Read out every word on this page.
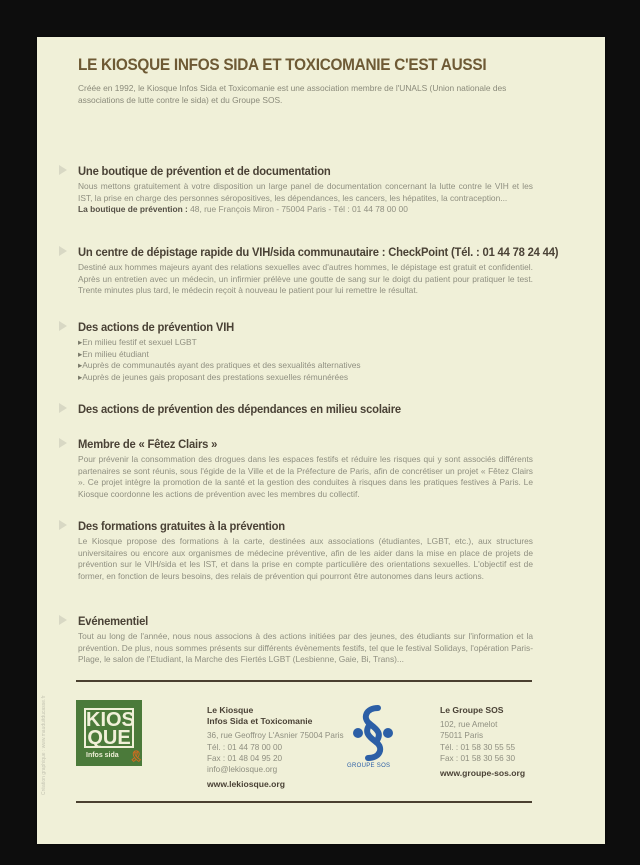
LE KIOSQUE INFOS SIDA ET TOXICOMANIE C'EST AUSSI
Créée en 1992, le Kiosque Infos Sida et Toxicomanie est une association membre de l'UNALS (Union nationale des associations de lutte contre le sida) et du Groupe SOS.
Une boutique de prévention et de documentation

Nous mettons gratuitement à votre disposition un large panel de documentation concernant la lutte contre le VIH et les IST, la prise en charge des personnes séropositives, les dépendances, les cancers, les hépatites, la contraception...
La boutique de prévention : 48, rue François Miron - 75004 Paris - Tél : 01 44 78 00 00

Un centre de dépistage rapide du VIH/sida communautaire : CheckPoint (Tél. : 01 44 78 24 44)

Destiné aux hommes majeurs ayant des relations sexuelles avec d'autres hommes, le dépistage est gratuit et confidentiel. Après un entretien avec un médecin, un infirmier prélève une goutte de sang sur le doigt du patient pour pratiquer le test. Trente minutes plus tard, le médecin reçoit à nouveau le patient pour lui remettre le résultat.

Des actions de prévention VIH
▸ En milieu festif et sexuel LGBT
▸ En milieu étudiant
▸ Auprès de communautés ayant des pratiques et des sexualités alternatives
▸ Auprès de jeunes gais proposant des prestations sexuelles rémunérées
Des actions de prévention des dépendances en milieu scolaire
Membre de « Fêtez Clairs »

Pour prévenir la consommation des drogues dans les espaces festifs et réduire les risques qui y sont associés différents partenaires se sont réunis, sous l'égide de la Ville et de la Préfecture de Paris, afin de concrétiser un projet « Fêtez Clairs ». Ce projet intègre la promotion de la santé et la gestion des conduites à risques dans les pratiques festives à Paris. Le Kiosque coordonne les actions de prévention avec les membres du collectif.

Des formations gratuites à la prévention

Le Kiosque propose des formations à la carte, destinées aux associations (étudiantes, LGBT, etc.), aux structures universitaires ou encore aux organismes de médecine préventive, afin de les aider dans la mise en place de projets de prévention sur le VIH/sida et les IST, et dans la prise en compte particulière des orientations sexuelles. L'objectif est de former, en fonction de leurs besoins, des relais de prévention qui pourront être autonomes dans leurs actions.

Evénementiel

Tout au long de l'année, nous nous associons à des actions initiées par des jeunes, des étudiants sur l'information et la prévention. De plus, nous sommes présents sur différents évènements festifs, tel que le festival Solidays, l'opération Paris-Plage, le salon de l'Etudiant, la Marche des Fiertés LGBT (Lesbienne, Gaie, Bi, Trans)...

KIOS QUE
Infos sida 🎗
Le Kiosque
Infos Sida et Toxicomanie
36, rue Geoffroy L'Asnier 75004 Paris
Tél. : 01 44 78 00 00
Fax : 01 48 04 95 20
info@lekiosque.org
www.lekiosque.org
GROUPE SOS
Le Groupe SOS
102, rue Amelot
75011 Paris
Tél. : 01 58 30 55 55
Fax : 01 58 30 56 30
www.groupe-sos.org
Création graphique : www.mauduitducasse.fr
